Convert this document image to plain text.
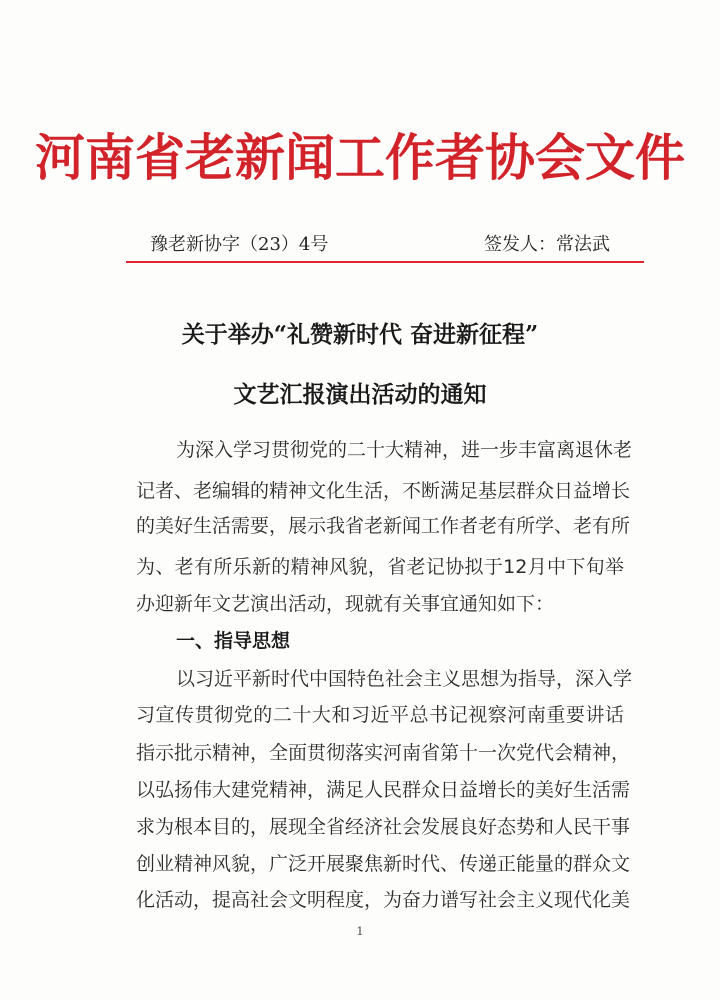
河南省老新闻工作者协会文件
豫老新协字（23）4号	签发人：常法武
关于举办“礼赞新时代 奋进新征程”
文艺汇报演出活动的通知
为深入学习贯彻党的二十大精神，进一步丰富离退休老
记者、老编辑的精神文化生活，不断满足基层群众日益增长
的美好生活需要，展示我省老新闻工作者老有所学、老有所
为、老有所乐新的精神风貌，省老记协拟于12月中下旬举
办迎新年文艺演出活动，现就有关事宜通知如下：
一、指导思想
以习近平新时代中国特色社会主义思想为指导，深入学
习宣传贯彻党的二十大和习近平总书记视察河南重要讲话
指示批示精神，全面贯彻落实河南省第十一次党代会精神，
以弘扬伟大建党精神，满足人民群众日益增长的美好生活需
求为根本目的，展现全省经济社会发展良好态势和人民干事
创业精神风貌，广泛开展聚焦新时代、传递正能量的群众文
化活动，提高社会文明程度，为奋力谱写社会主义现代化美
1
